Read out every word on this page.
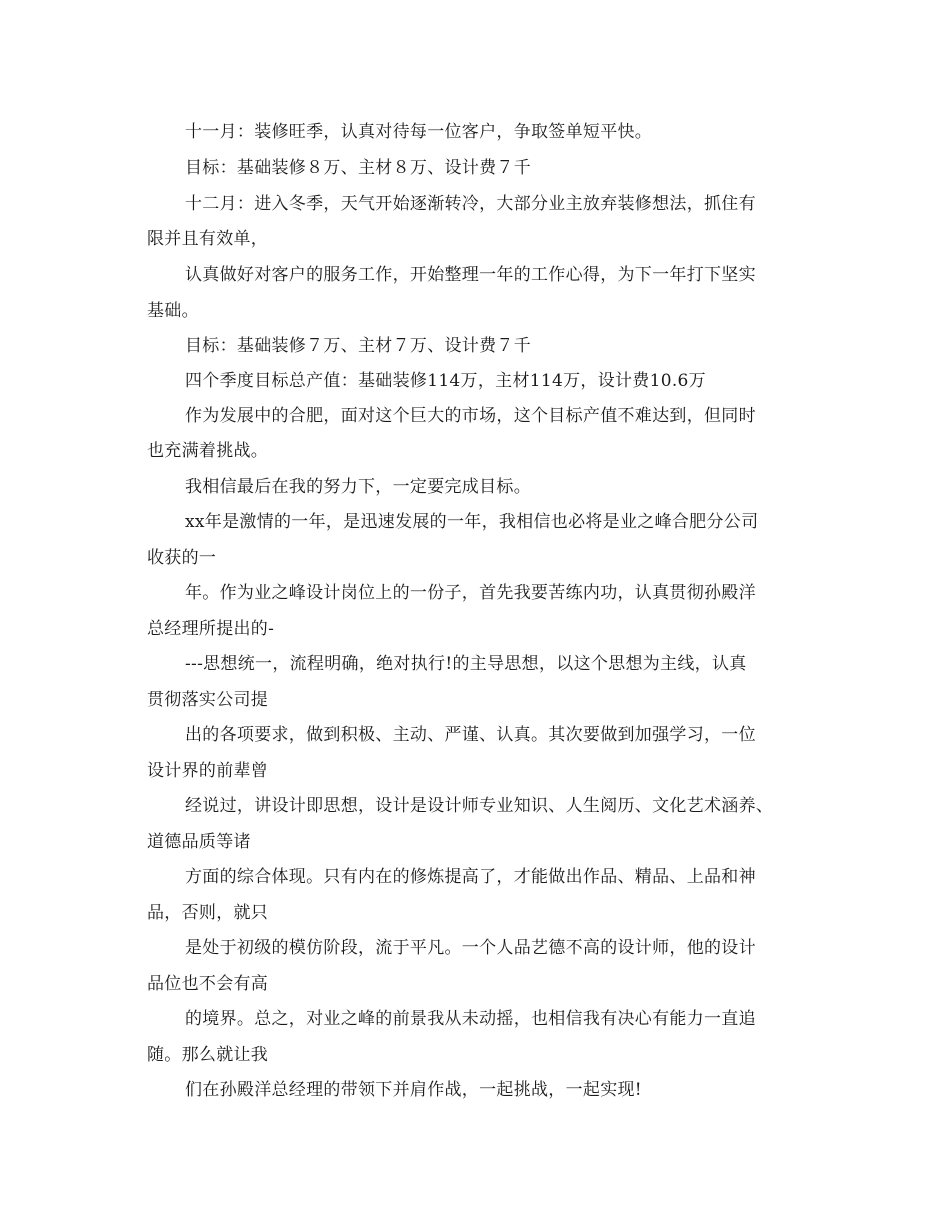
十一月：装修旺季，认真对待每一位客户，争取签单短平快。
目标：基础装修８万、主材８万、设计费７千
十二月：进入冬季，天气开始逐渐转冷，大部分业主放弃装修想法，抓住有
限并且有效单，
认真做好对客户的服务工作，开始整理一年的工作心得，为下一年打下坚实
基础。
目标：基础装修７万、主材７万、设计费７千
四个季度目标总产值：基础装修114万，主材114万，设计费10.6万
作为发展中的合肥，面对这个巨大的市场，这个目标产值不难达到，但同时
也充满着挑战。
我相信最后在我的努力下，一定要完成目标。
xx年是激情的一年，是迅速发展的一年，我相信也必将是业之峰合肥分公司
收获的一
年。作为业之峰设计岗位上的一份子，首先我要苦练内功，认真贯彻孙殿洋
总经理所提出的-
---思想统一，流程明确，绝对执行!的主导思想，以这个思想为主线，认真
贯彻落实公司提
出的各项要求，做到积极、主动、严谨、认真。其次要做到加强学习，一位
设计界的前辈曾
经说过，讲设计即思想，设计是设计师专业知识、人生阅历、文化艺术涵养、
道德品质等诸
方面的综合体现。只有内在的修炼提高了，才能做出作品、精品、上品和神
品，否则，就只
是处于初级的模仿阶段，流于平凡。一个人品艺德不高的设计师，他的设计
品位也不会有高
的境界。总之，对业之峰的前景我从未动摇，也相信我有决心有能力一直追
随。那么就让我
们在孙殿洋总经理的带领下并肩作战，一起挑战，一起实现!
